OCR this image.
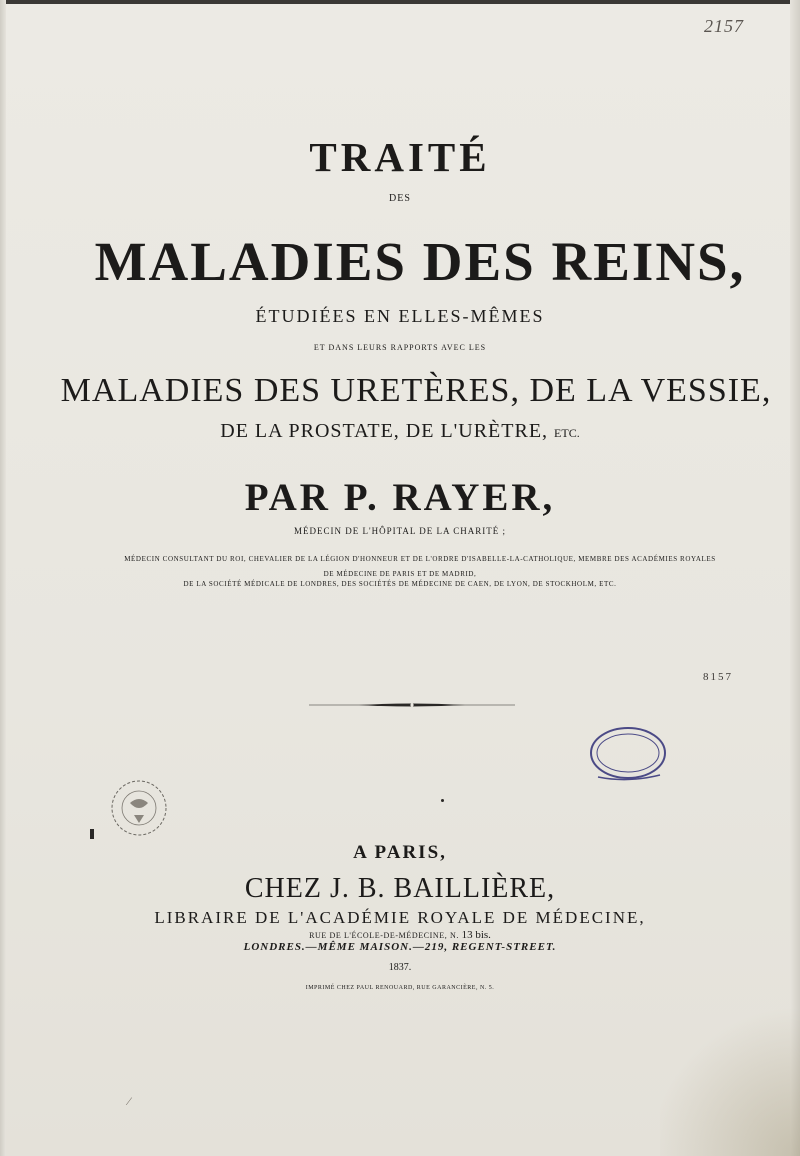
2157
TRAITÉ
DES
MALADIES DES REINS,
ÉTUDIÉES EN ELLES-MÊMES
ET DANS LEURS RAPPORTS AVEC LES
MALADIES DES URETÈRES, DE LA VESSIE,
DE LA PROSTATE, DE L'URÈTRE, ETC.
PAR P. RAYER,
MÉDECIN DE L'HÔPITAL DE LA CHARITÉ ;
MÉDECIN CONSULTANT DU ROI, CHEVALIER DE LA LÉGION D'HONNEUR ET DE L'ORDRE D'ISABELLE-LA-CATHOLIQUE, MEMBRE DES ACADÉMIES ROYALES
DE MÉDECINE DE PARIS ET DE MADRID,
DE LA SOCIÉTÉ MÉDICALE DE LONDRES, DES SOCIÉTÉS DE MÉDECINE DE CAEN, DE LYON, DE STOCKHOLM, ETC.
8157
A PARIS,
CHEZ J. B. BAILLIÈRE,
LIBRAIRE DE L'ACADÉMIE ROYALE DE MÉDECINE,
RUE DE L'ÉCOLE-DE-MÉDECINE, N. 13 bis.
LONDRES.—MÊME MAISON.—219, REGENT-STREET.
1837.
IMPRIMÉ CHEZ PAUL RENOUARD, RUE GARANCIÈRE, N. 5.
⁄
